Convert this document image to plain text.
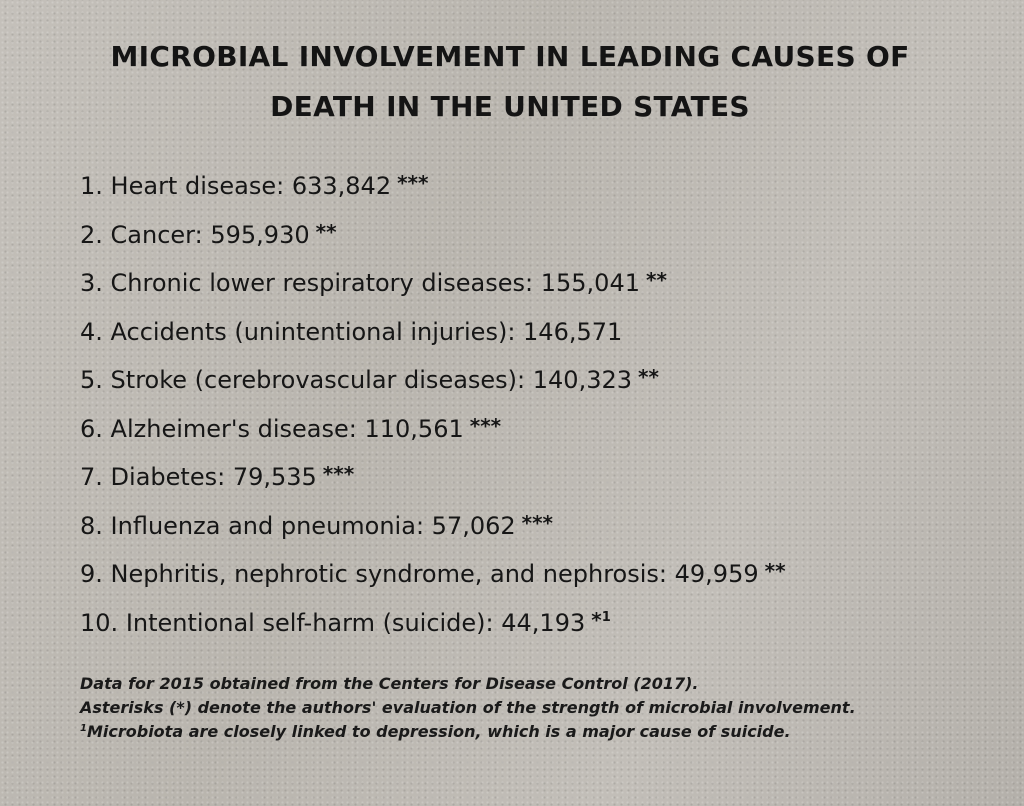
MICROBIAL INVOLVEMENT IN LEADING CAUSES OF
DEATH IN THE UNITED STATES
1. Heart disease: 633,842 ***
2. Cancer: 595,930 **
3. Chronic lower respiratory diseases: 155,041 **
4. Accidents (unintentional injuries): 146,571
5. Stroke (cerebrovascular diseases): 140,323 **
6. Alzheimer's disease: 110,561 ***
7. Diabetes: 79,535 ***
8. Influenza and pneumonia: 57,062 ***
9. Nephritis, nephrotic syndrome, and nephrosis: 49,959 **
10. Intentional self-harm (suicide): 44,193 *$^1$
Data for 2015 obtained from the Centers for Disease Control (2017).
Asterisks (*) denote the authors' evaluation of the strength of microbial involvement.
$^1$Microbiota are closely linked to depression, which is a major cause of suicide.
